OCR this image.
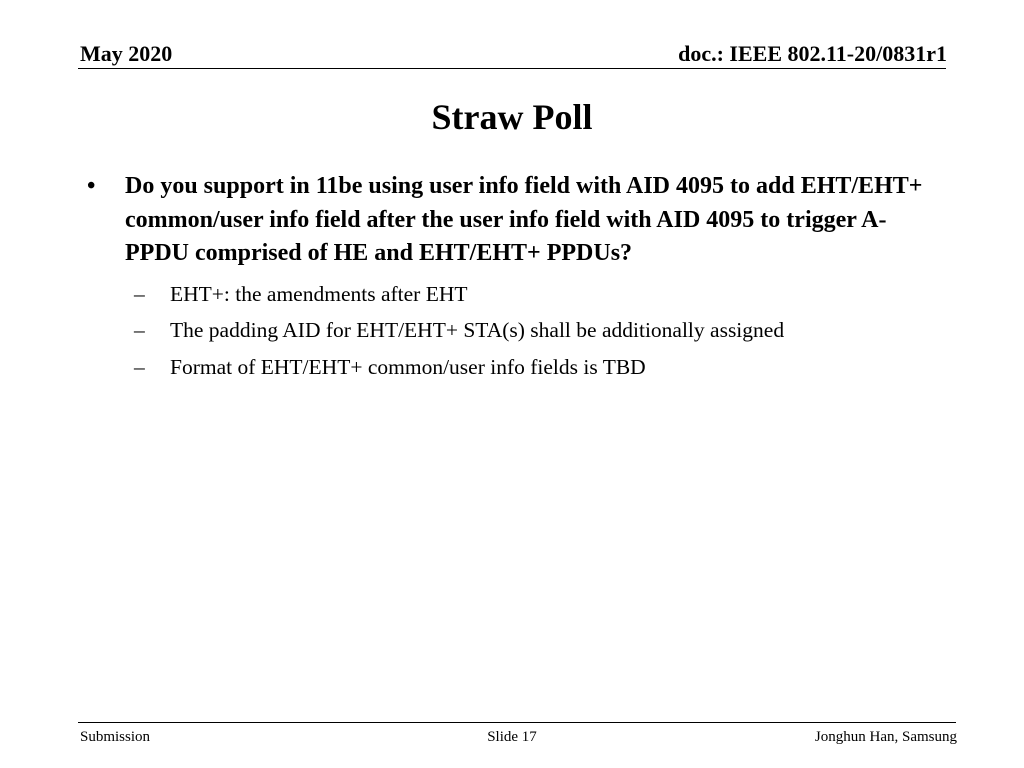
May 2020	doc.: IEEE 802.11-20/0831r1
Straw Poll
• Do you support in 11be using user info field with AID 4095 to add EHT/EHT+ common/user info field after the user info field with AID 4095 to trigger A-PPDU comprised of HE and EHT/EHT+ PPDUs?
– EHT+: the amendments after EHT
– The padding AID for EHT/EHT+ STA(s) shall be additionally assigned
– Format of EHT/EHT+ common/user info fields is TBD
Submission	Slide 17	Jonghun Han, Samsung
